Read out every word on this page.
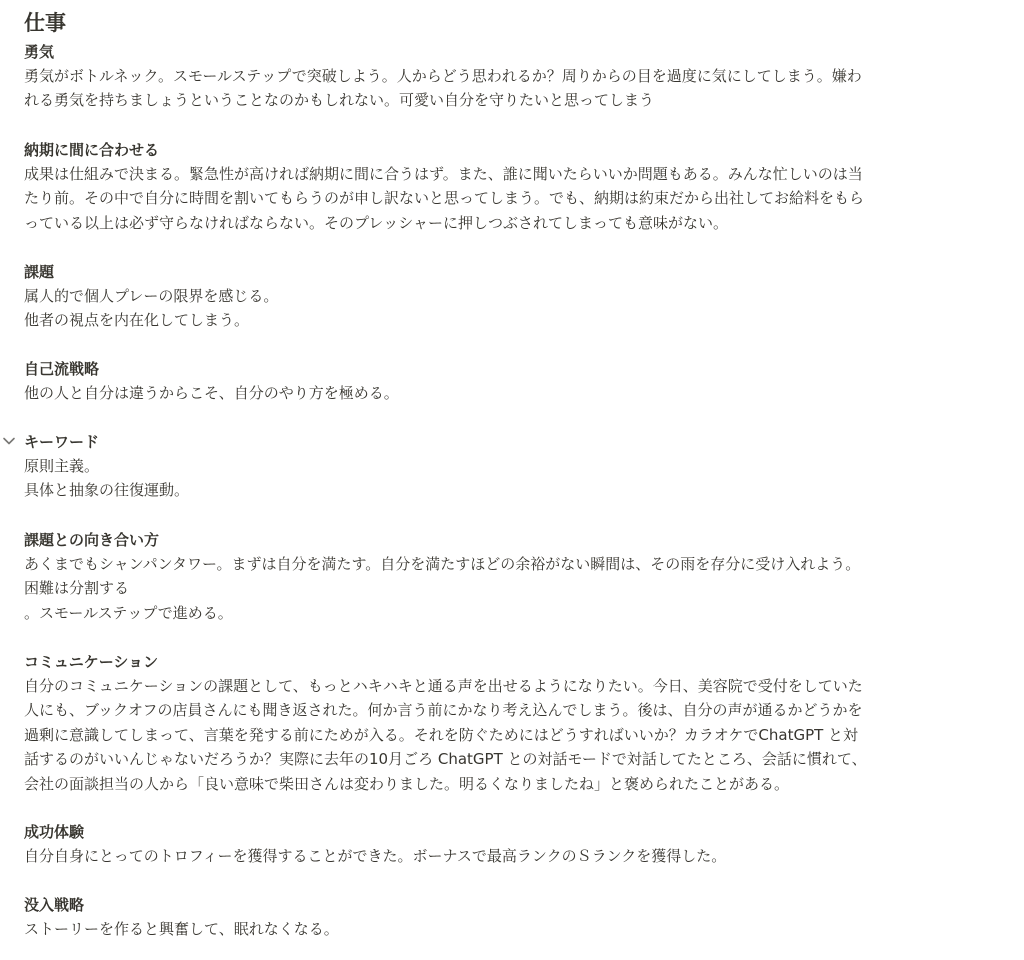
仕事
勇気
勇気がボトルネック。スモールステップで突破しよう。人からどう思われるか？周りからの目を過度に気にしてしまう。嫌わ
れる勇気を持ちましょうということなのかもしれない。可愛い自分を守りたいと思ってしまう
納期に間に合わせる
成果は仕組みで決まる。緊急性が高ければ納期に間に合うはず。また、誰に聞いたらいいか問題もある。みんな忙しいのは当
たり前。その中で自分に時間を割いてもらうのが申し訳ないと思ってしまう。でも、納期は約束だから出社してお給料をもら
っている以上は必ず守らなければならない。そのプレッシャーに押しつぶされてしまっても意味がない。
課題
属人的で個人プレーの限界を感じる。
他者の視点を内在化してしまう。
自己流戦略
他の人と自分は違うからこそ、自分のやり方を極める。
キーワード
原則主義。
具体と抽象の往復運動。
課題との向き合い方
あくまでもシャンパンタワー。まずは自分を満たす。自分を満たすほどの余裕がない瞬間は、その雨を存分に受け入れよう。
困難は分割する
。スモールステップで進める。
コミュニケーション
自分のコミュニケーションの課題として、もっとハキハキと通る声を出せるようになりたい。今日、美容院で受付をしていた
人にも、ブックオフの店員さんにも聞き返された。何か言う前にかなり考え込んでしまう。後は、自分の声が通るかどうかを
過剰に意識してしまって、言葉を発する前にためが入る。それを防ぐためにはどうすればいいか？カラオケでChatGPT と対
話するのがいいんじゃないだろうか？実際に去年の10月ごろ ChatGPT との対話モードで対話してたところ、会話に慣れて、
会社の面談担当の人から「良い意味で柴田さんは変わりました。明るくなりましたね」と褒められたことがある。
成功体験
自分自身にとってのトロフィーを獲得することができた。ボーナスで最高ランクのＳランクを獲得した。
没入戦略
ストーリーを作ると興奮して、眠れなくなる。
